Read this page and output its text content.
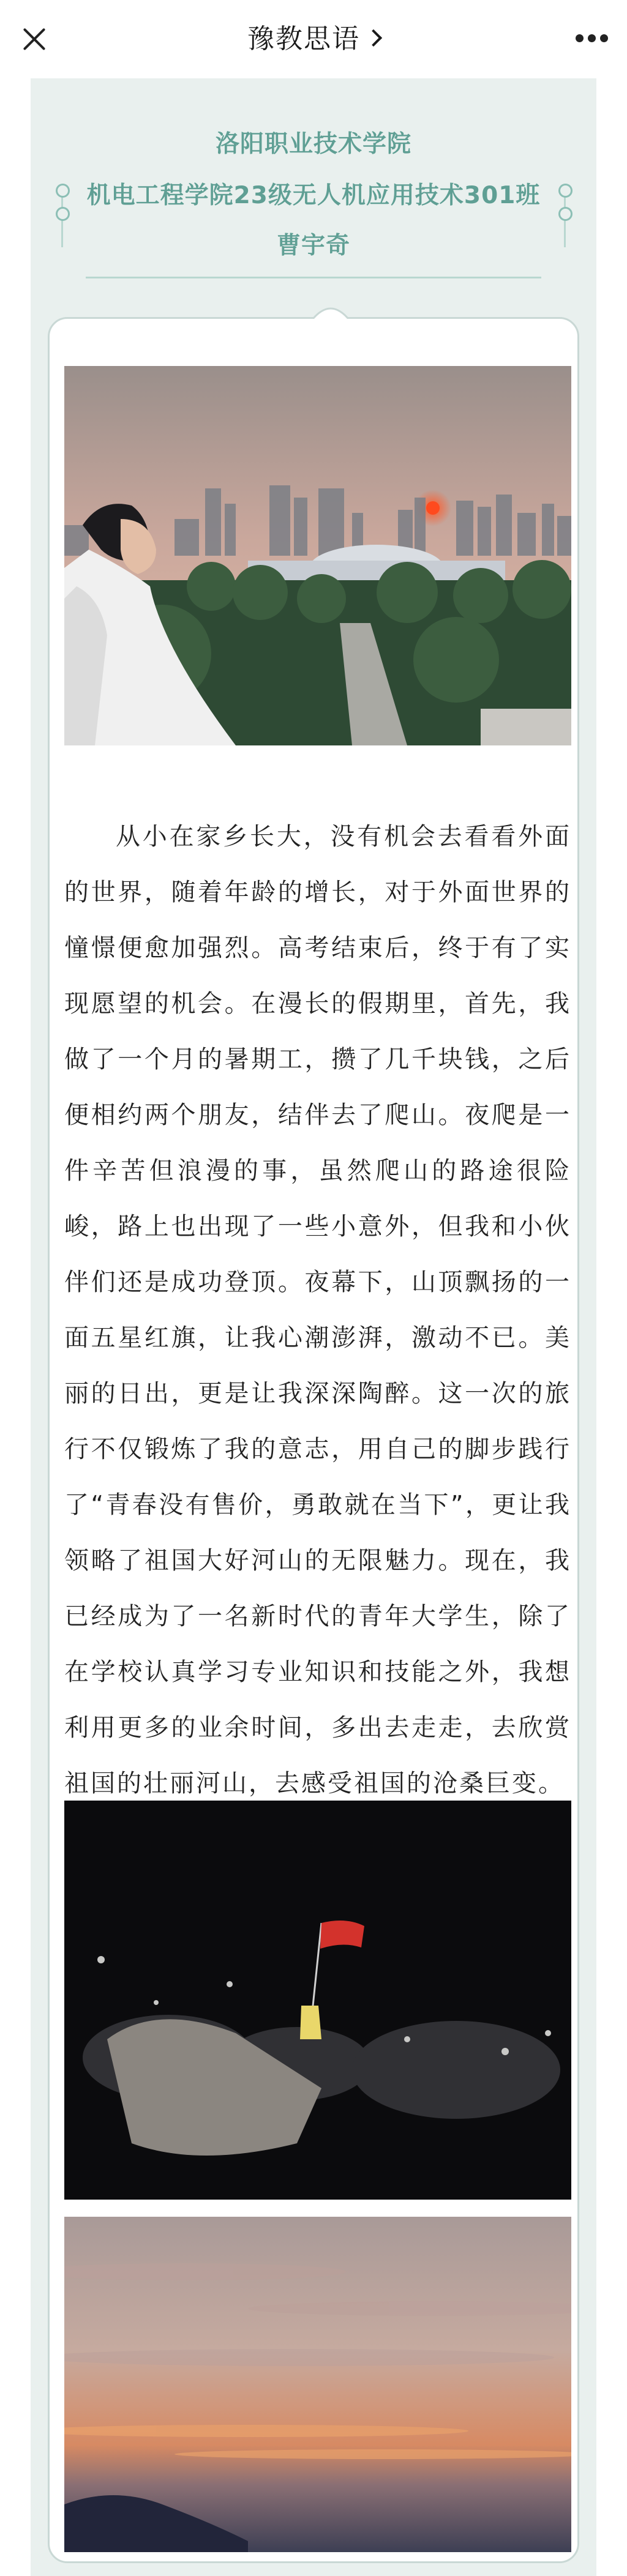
豫教思语
洛阳职业技术学院
机电工程学院23级无人机应用技术301班
曹宇奇
从小在家乡长大，没有机会去看看外面的世界，随着年龄的增长，对于外面世界的憧憬便愈加强烈。高考结束后，终于有了实现愿望的机会。在漫长的假期里，首先，我做了一个月的暑期工，攒了几千块钱，之后便相约两个朋友，结伴去了爬山。夜爬是一件辛苦但浪漫的事，虽然爬山的路途很险峻，路上也出现了一些小意外，但我和小伙伴们还是成功登顶。夜幕下，山顶飘扬的一面五星红旗，让我心潮澎湃，激动不已。美丽的日出，更是让我深深陶醉。这一次的旅行不仅锻炼了我的意志，用自己的脚步践行了“青春没有售价，勇敢就在当下”，更让我领略了祖国大好河山的无限魅力。现在，我已经成为了一名新时代的青年大学生，除了在学校认真学习专业知识和技能之外，我想利用更多的业余时间，多出去走走，去欣赏祖国的壮丽河山，去感受祖国的沧桑巨变。
